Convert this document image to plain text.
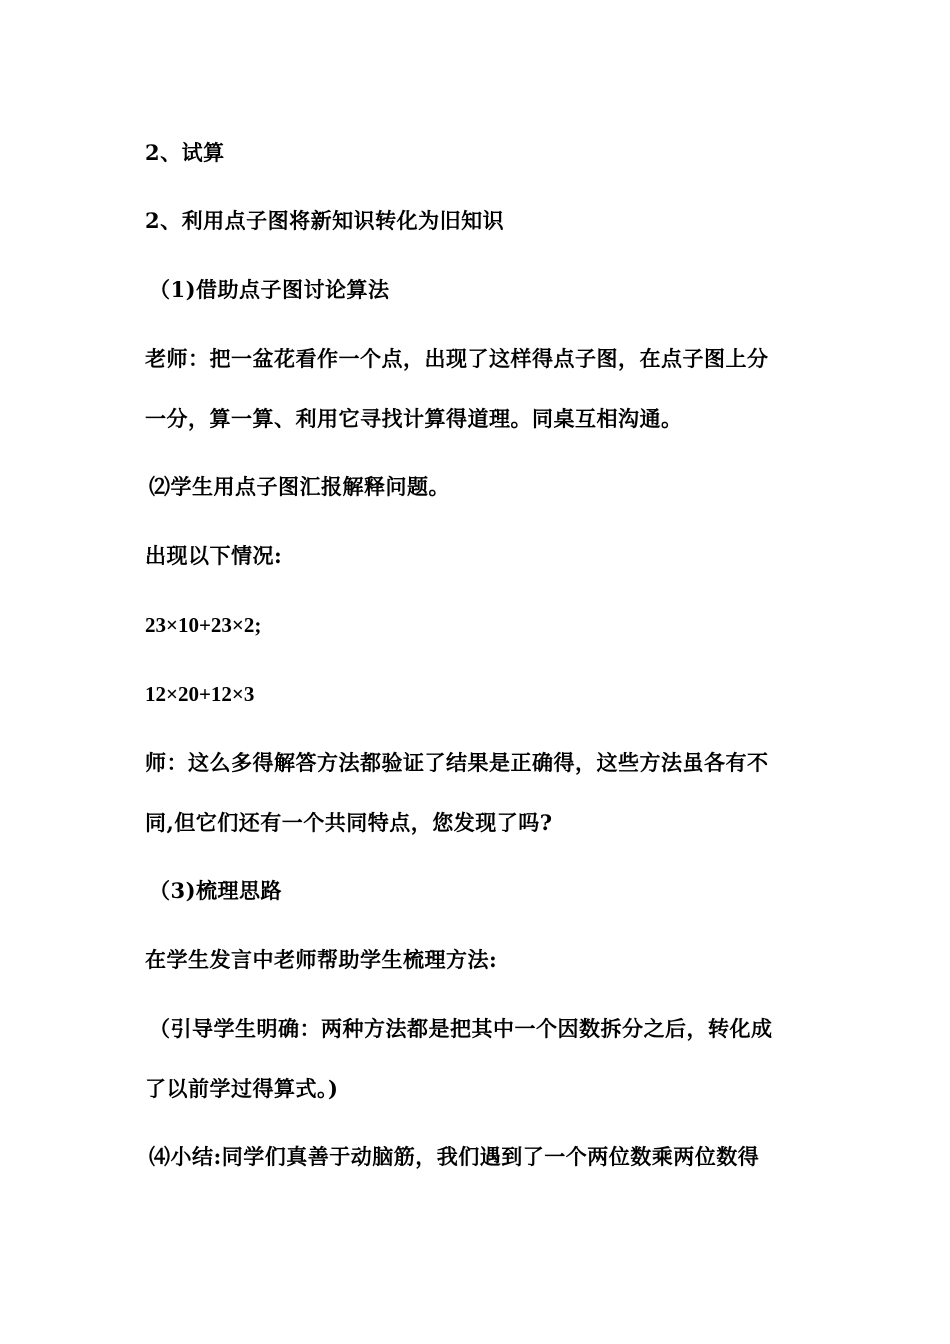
2、试算
2、利用点子图将新知识转化为旧知识
（1)借助点子图讨论算法
老师：把一盆花看作一个点，出现了这样得点子图，在点子图上分
一分，算一算、利用它寻找计算得道理。同桌互相沟通。
⑵学生用点子图汇报解释问题。
出现以下情况:
23×10+23×2;
12×20+12×3
师：这么多得解答方法都验证了结果是正确得，这些方法虽各有不
同,但它们还有一个共同特点，您发现了吗?
（3)梳理思路
在学生发言中老师帮助学生梳理方法:
（引导学生明确：两种方法都是把其中一个因数拆分之后，转化成
了以前学过得算式。)
⑷小结:同学们真善于动脑筋，我们遇到了一个两位数乘两位数得
